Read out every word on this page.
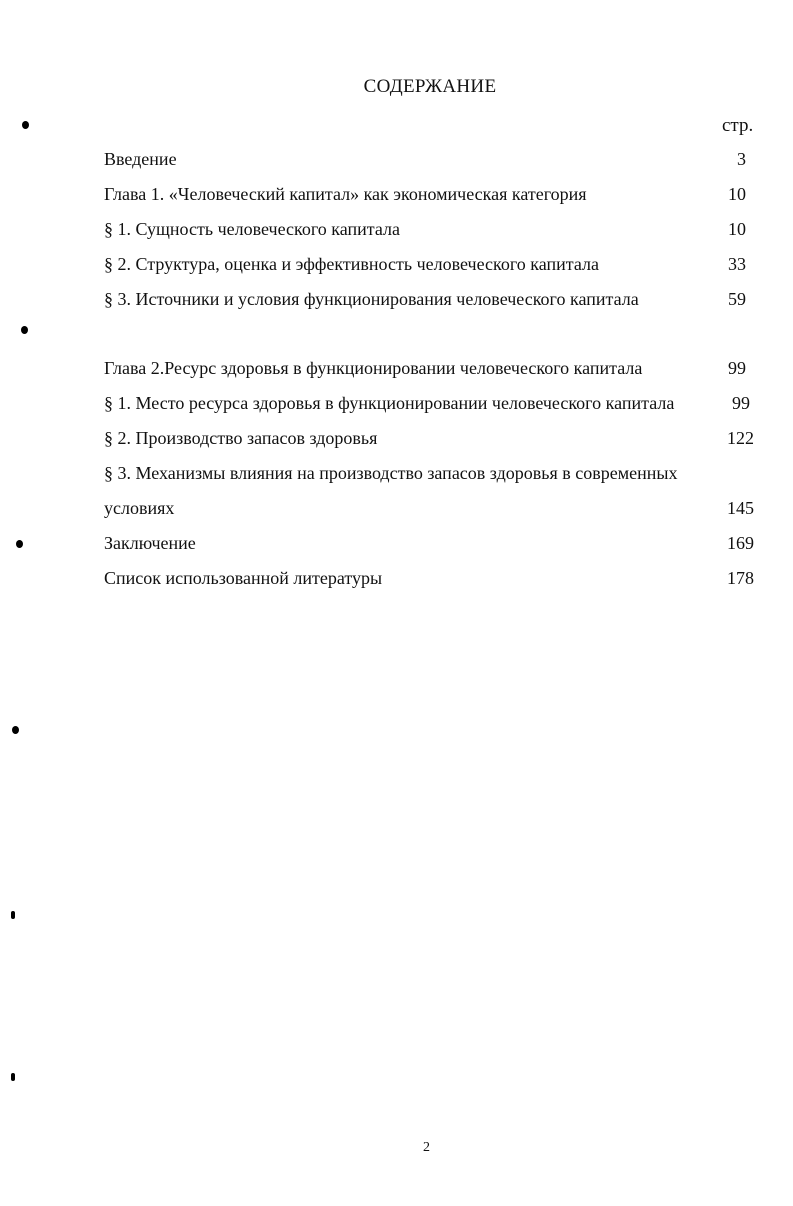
СОДЕРЖАНИЕ
стр.
Введение	3
Глава 1. «Человеческий капитал» как экономическая категория	10
§ 1. Сущность человеческого капитала	10
§ 2. Структура, оценка и эффективность человеческого капитала	33
§ 3. Источники и условия функционирования человеческого капитала	59
Глава 2.Ресурс здоровья в функционировании человеческого капитала	99
§ 1. Место ресурса здоровья в функционировании человеческого капитала	99
§ 2. Производство запасов здоровья	122
§ 3. Механизмы влияния на производство запасов здоровья в современных
условиях	145
Заключение	169
Список использованной литературы	178
2
